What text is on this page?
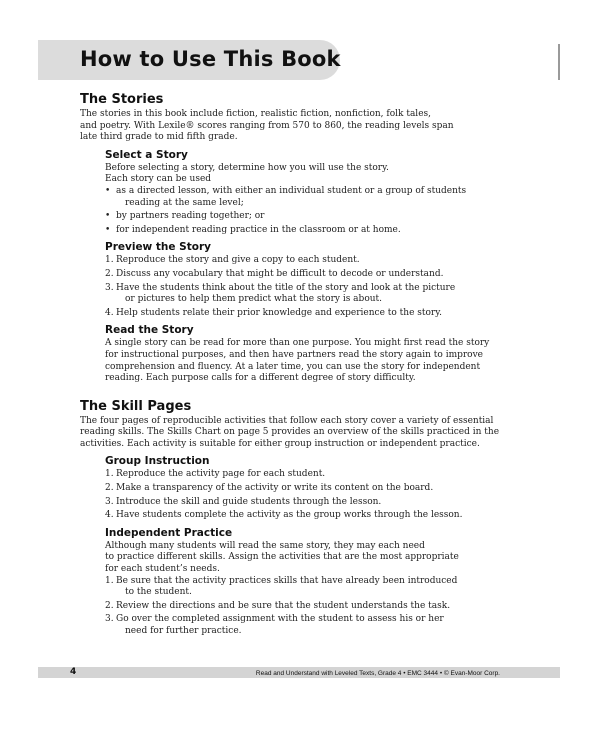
How to Use This Book
The Stories

The stories in this book include fiction, realistic fiction, nonfiction, folk tales,

and poetry. With Lexile® scores ranging from 570 to 860, the reading levels span

late third grade to mid fifth grade.

Select a Story

Before selecting a story, determine how you will use the story.

Each story can be used

• as a directed lesson, with either an individual student or a group of students
reading at the same level;
• by partners reading together; or
• for independent reading practice in the classroom or at home.
Preview the Story
1. Reproduce the story and give a copy to each student.
2. Discuss any vocabulary that might be difficult to decode or understand.
3. Have the students think about the title of the story and look at the picture
or pictures to help them predict what the story is about.
4. Help students relate their prior knowledge and experience to the story.
Read the Story

A single story can be read for more than one purpose. You might first read the story

for instructional purposes, and then have partners read the story again to improve

comprehension and fluency. At a later time, you can use the story for independent

reading. Each purpose calls for a different degree of story difficulty.

The Skill Pages

The four pages of reproducible activities that follow each story cover a variety of essential

reading skills. The Skills Chart on page 5 provides an overview of the skills practiced in the

activities. Each activity is suitable for either group instruction or independent practice.

Group Instruction
1. Reproduce the activity page for each student.
2. Make a transparency of the activity or write its content on the board.
3. Introduce the skill and guide students through the lesson.
4. Have students complete the activity as the group works through the lesson.
Independent Practice

Although many students will read the same story, they may each need

to practice different skills. Assign the activities that are the most appropriate

for each student’s needs.

1. Be sure that the activity practices skills that have already been introduced
to the student.
2. Review the directions and be sure that the student understands the task.
3. Go over the completed assignment with the student to assess his or her
need for further practice.
4	Read and Understand with Leveled Texts, Grade 4 • EMC 3444 • © Evan-Moor Corp.
